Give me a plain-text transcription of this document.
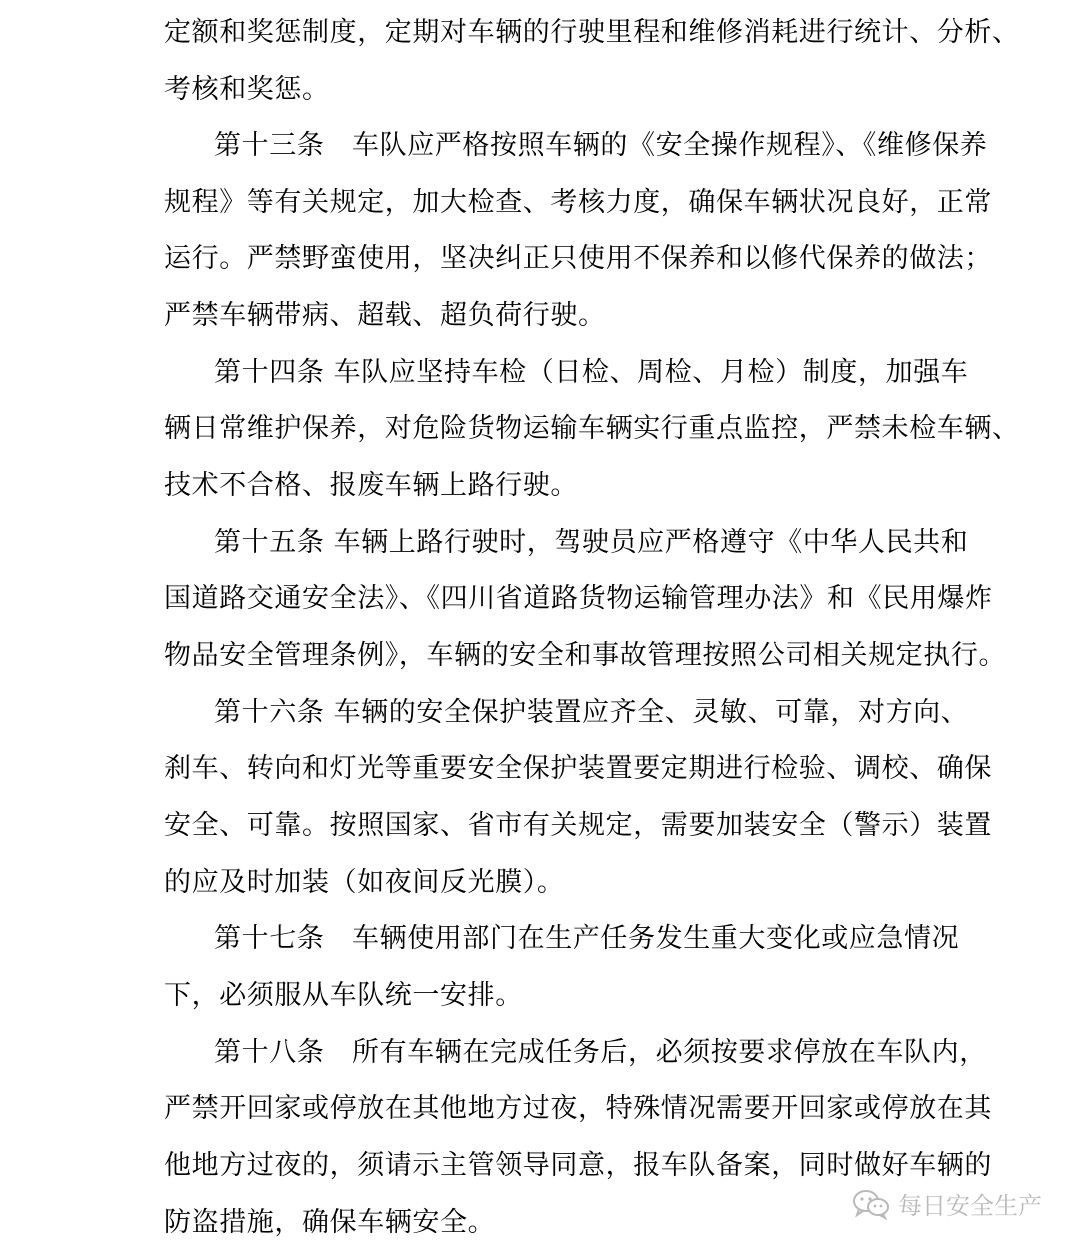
定额和奖惩制度，定期对车辆的行驶里程和维修消耗进行统计、分析、
考核和奖惩。
第十三条　车队应严格按照车辆的《安全操作规程》、《维修保养
规程》等有关规定，加大检查、考核力度，确保车辆状况良好，正常
运行。严禁野蛮使用，坚决纠正只使用不保养和以修代保养的做法；
严禁车辆带病、超载、超负荷行驶。
第十四条 车队应坚持车检（日检、周检、月检）制度，加强车
辆日常维护保养，对危险货物运输车辆实行重点监控，严禁未检车辆、
技术不合格、报废车辆上路行驶。
第十五条 车辆上路行驶时，驾驶员应严格遵守《中华人民共和
国道路交通安全法》、《四川省道路货物运输管理办法》和《民用爆炸
物品安全管理条例》，车辆的安全和事故管理按照公司相关规定执行。
第十六条 车辆的安全保护装置应齐全、灵敏、可靠，对方向、
刹车、转向和灯光等重要安全保护装置要定期进行检验、调校、确保
安全、可靠。按照国家、省市有关规定，需要加装安全（警示）装置
的应及时加装（如夜间反光膜）。
第十七条　车辆使用部门在生产任务发生重大变化或应急情况
下，必须服从车队统一安排。
第十八条　所有车辆在完成任务后，必须按要求停放在车队内，
严禁开回家或停放在其他地方过夜，特殊情况需要开回家或停放在其
他地方过夜的，须请示主管领导同意，报车队备案，同时做好车辆的
防盗措施，确保车辆安全。
每日安全生产
